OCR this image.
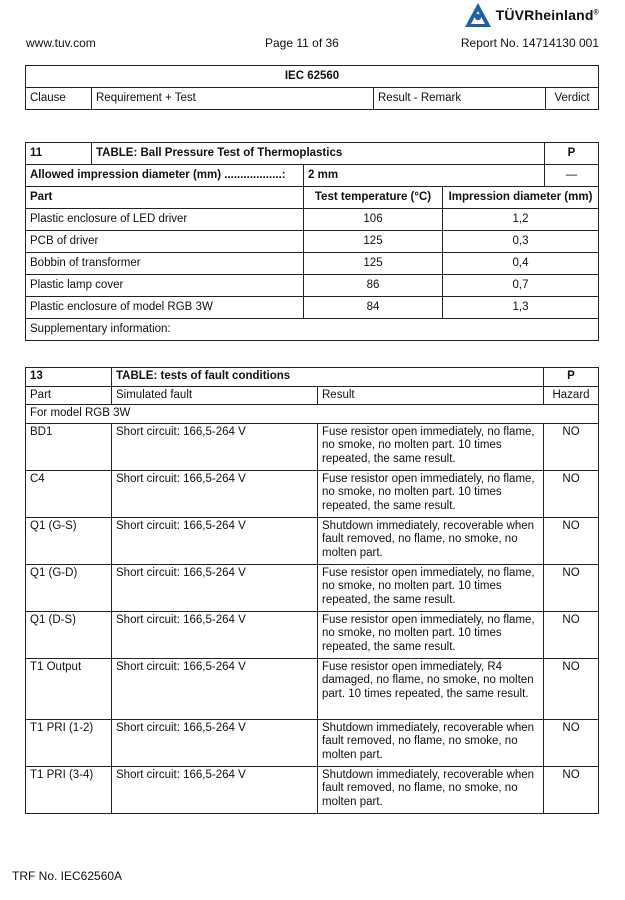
TÜVRheinland®
www.tuv.com	Page 11 of 36	Report No. 14714130 001
IEC 62560
Clause	Requirement + Test	Result - Remark	Verdict
11	TABLE: Ball Pressure Test of Thermoplastics			P
Allowed impression diameter (mm) ..................:		2 mm		—
Part		Test temperature (°C)	Impression diameter (mm)	
Plastic enclosure of LED driver		106	1,2	
PCB of driver		125	0,3	
Bobbin of transformer		125	0,4	
Plastic lamp cover		86	0,7	
Plastic enclosure of model RGB 3W		84	1,3	
Supplementary information:				
13	TABLE: tests of fault conditions		P
Part	Simulated fault	Result	Hazard
For model RGB 3W			
BD1	Short circuit: 166,5-264 V	Fuse resistor open immediately, no flame, no smoke, no molten part. 10 times repeated, the same result.	NO
C4	Short circuit: 166,5-264 V	Fuse resistor open immediately, no flame, no smoke, no molten part. 10 times repeated, the same result.	NO
Q1 (G-S)	Short circuit: 166,5-264 V	Shutdown immediately, recoverable when fault removed, no flame, no smoke, no molten part.	NO
Q1 (G-D)	Short circuit: 166,5-264 V	Fuse resistor open immediately, no flame, no smoke, no molten part. 10 times repeated, the same result.	NO
Q1 (D-S)	Short circuit: 166,5-264 V	Fuse resistor open immediately, no flame, no smoke, no molten part. 10 times repeated, the same result.	NO
T1 Output	Short circuit: 166,5-264 V	Fuse resistor open immediately, R4 damaged, no flame, no smoke, no molten part. 10 times repeated, the same result.	NO
T1 PRI (1-2)	Short circuit: 166,5-264 V	Shutdown immediately, recoverable when fault removed, no flame, no smoke, no molten part.	NO
T1 PRI (3-4)	Short circuit: 166,5-264 V	Shutdown immediately, recoverable when fault removed, no flame, no smoke, no molten part.	NO
TRF No. IEC62560A
